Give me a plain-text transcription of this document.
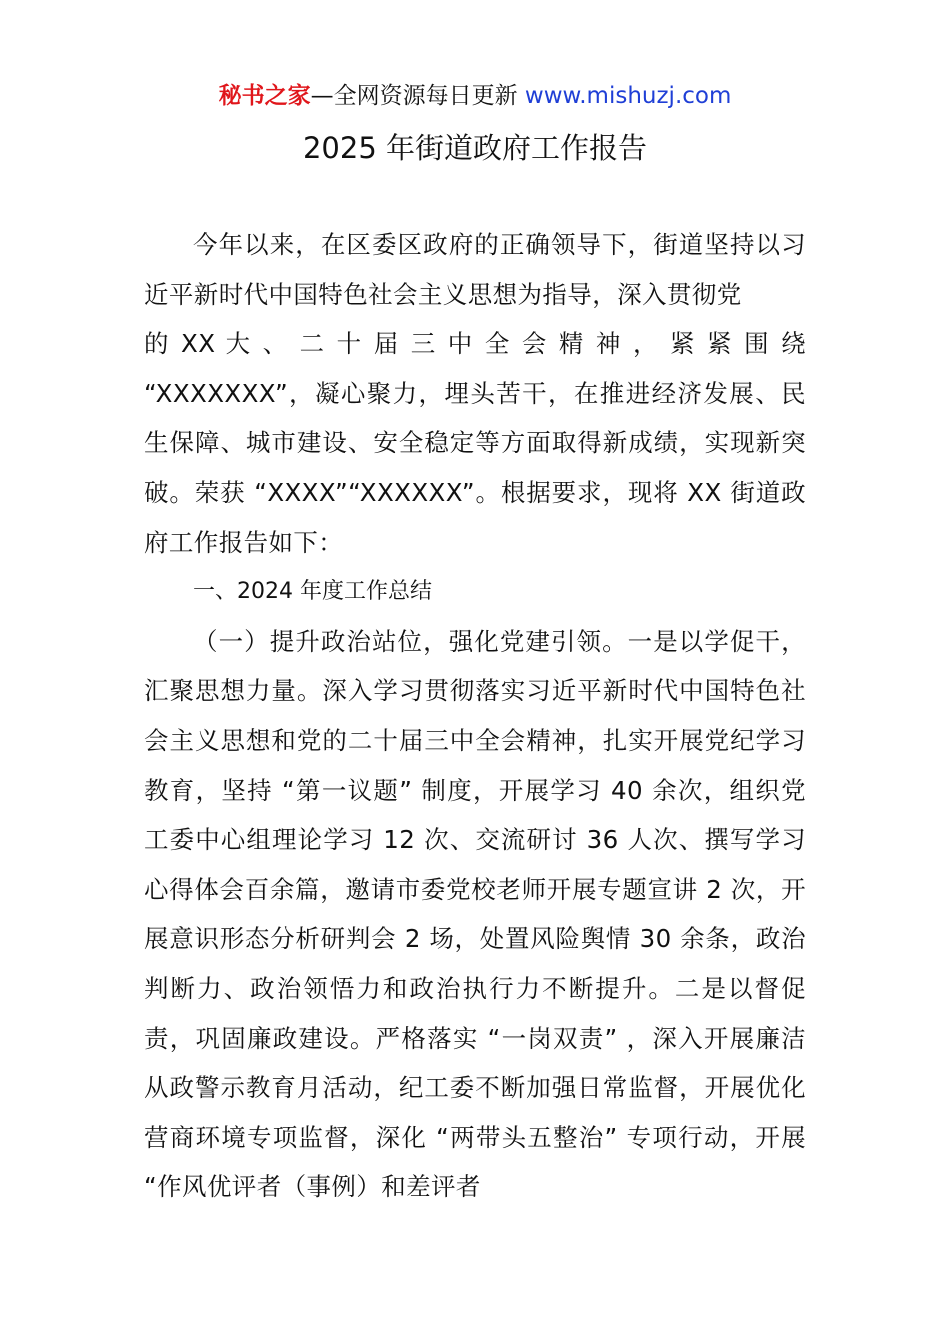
秘书之家—全网资源每日更新 www.mishuzj.com
2025 年街道政府工作报告

今年以来，在区委区政府的正确领导下，街道坚持以习近平新时代中国特色社会主义思想为指导，深入贯彻党

的 XX 大 、 二 十 届 三 中 全 会 精 神 ， 紧 紧 围 绕

“XXXXXXX”，凝心聚力，埋头苦干，在推进经济发展、民生保障、城市建设、安全稳定等方面取得新成绩，实现新突破。荣获 “XXXX”“XXXXXX”。根据要求，现将 XX 街道政府工作报告如下：

一、2024 年度工作总结

（一）提升政治站位，强化党建引领。一是以学促干，汇聚思想力量。深入学习贯彻落实习近平新时代中国特色社会主义思想和党的二十届三中全会精神，扎实开展党纪学习教育，坚持 “第一议题” 制度，开展学习 40 余次，组织党工委中心组理论学习 12 次、交流研讨 36 人次、撰写学习心得体会百余篇，邀请市委党校老师开展专题宣讲 2 次，开展意识形态分析研判会 2 场，处置风险舆情 30 余条，政治判断力、政治领悟力和政治执行力不断提升。二是以督促责，巩固廉政建设。严格落实 “一岗双责” ，深入开展廉洁从政警示教育月活动，纪工委不断加强日常监督，开展优化营商环境专项监督，深化 “两带头五整治” 专项行动，开展 “作风优评者（事例）和差评者
